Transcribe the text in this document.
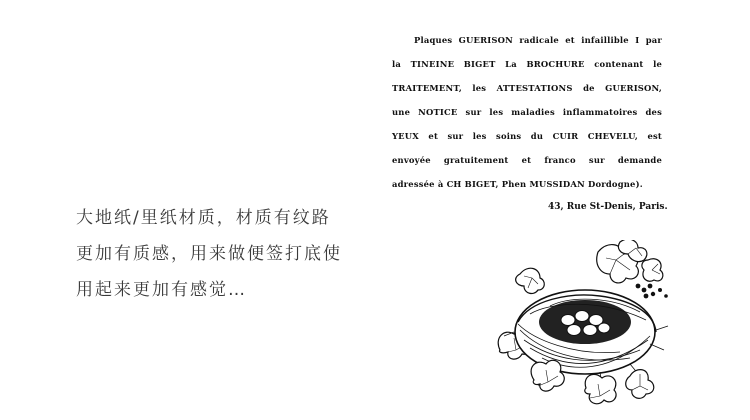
大地纸/里纸材质，材质有纹路
更加有质感，用来做便签打底使
用起来更加有感觉…
Plaques GUERISON radicale et infaillible I par
la TINEINE BIGET La BROCHURE contenant le
TRAITEMENT, les ATTESTATIONS de GUERISON,
une NOTICE sur les maladies inflammatoires des
YEUX et sur les soins du CUIR CHEVELU, est
envoyée gratuitement et franco sur demande
adressée à CH BIGET, Phen MUSSIDAN Dordogne).
43, Rue St-Denis, Paris.
